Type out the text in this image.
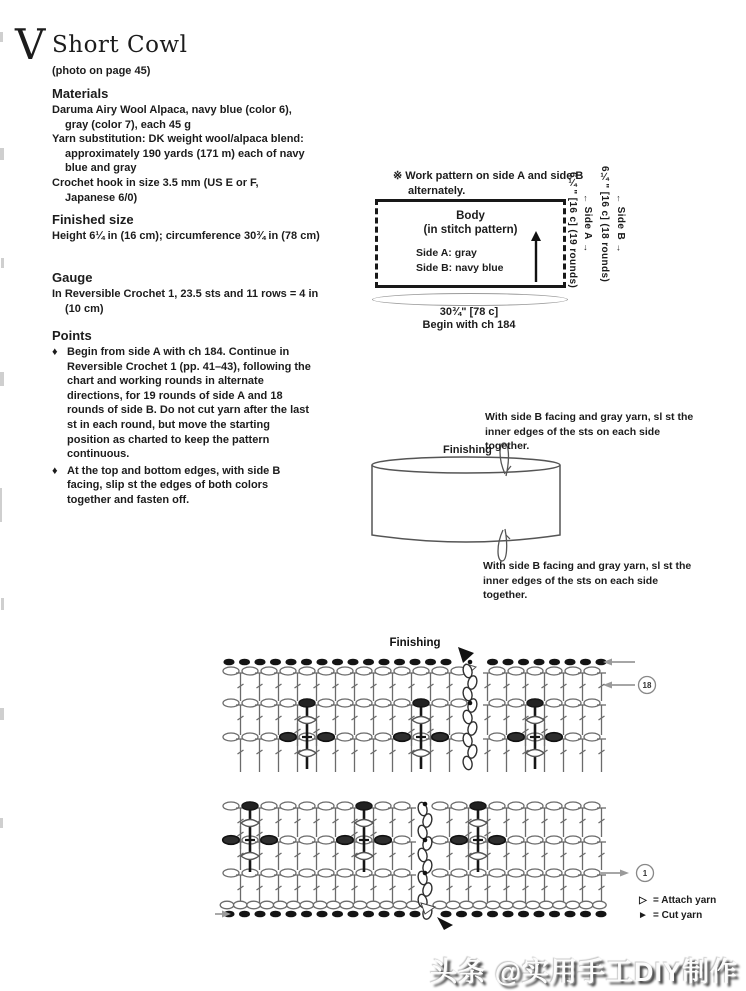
V Short Cowl
(photo on page 45)
Materials
Daruma Airy Wool Alpaca, navy blue (color 6), gray (color 7), each 45 g
Yarn substitution: DK weight wool/alpaca blend: approximately 190 yards (171 m) each of navy blue and gray
Crochet hook in size 3.5 mm (US E or F, Japanese 6/0)
Finished size
Height 6¼ in (16 cm); circumference 30¾ in (78 cm)
Gauge
In Reversible Crochet 1, 23.5 sts and 11 rows = 4 in (10 cm)
Points
♦ Begin from side A with ch 184. Continue in Reversible Crochet 1 (pp. 41–43), following the chart and working rounds in alternate directions, for 19 rounds of side A and 18 rounds of side B. Do not cut yarn after the last st in each round, but move the starting position as charted to keep the pattern continuous.
♦ At the top and bottom edges, with side B facing, slip st the edges of both colors together and fasten off.
※ Work pattern on side A and side B alternately.
Body
(in stitch pattern)
Side A: gray
Side B: navy blue
30¾" [78 c]
Begin with ch 184
6¼" [16 c] (19 rounds) ← Side A → 6¼" [16 c] (18 rounds) ← Side B →
Finishing
With side B facing and gray yarn, sl st the inner edges of the sts on each side together.
With side B facing and gray yarn, sl st the inner edges of the sts on each side together.
Finishing
18
1
▷ = Attach yarn
► = Cut yarn
头条 @实用手工DIY制作
